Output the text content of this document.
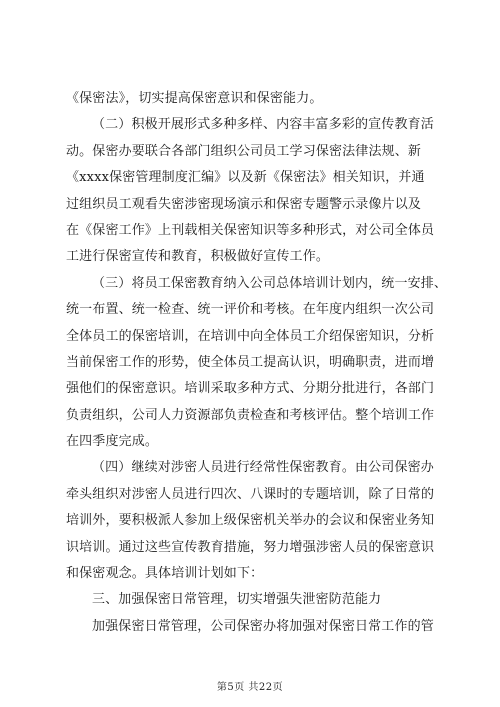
《保密法》，切实提高保密意识和保密能力。
（二）积极开展形式多种多样、内容丰富多彩的宣传教育活
动。保密办要联合各部门组织公司员工学习保密法律法规、新
《xxxx保密管理制度汇编》以及新《保密法》相关知识，并通
过组织员工观看失密涉密现场演示和保密专题警示录像片以及
在《保密工作》上刊载相关保密知识等多种形式，对公司全体员
工进行保密宣传和教育，积极做好宣传工作。
（三）将员工保密教育纳入公司总体培训计划内，统一安排、
统一布置、统一检查、统一评价和考核。在年度内组织一次公司
全体员工的保密培训，在培训中向全体员工介绍保密知识，分析
当前保密工作的形势，使全体员工提高认识，明确职责，进而增
强他们的保密意识。培训采取多种方式、分期分批进行，各部门
负责组织，公司人力资源部负责检查和考核评估。整个培训工作
在四季度完成。
（四）继续对涉密人员进行经常性保密教育。由公司保密办
牵头组织对涉密人员进行四次、八课时的专题培训，除了日常的
培训外，要积极派人参加上级保密机关举办的会议和保密业务知
识培训。通过这些宣传教育措施，努力增强涉密人员的保密意识
和保密观念。具体培训计划如下：
三、加强保密日常管理，切实增强失泄密防范能力
加强保密日常管理，公司保密办将加强对保密日常工作的管
第5页 共22页
